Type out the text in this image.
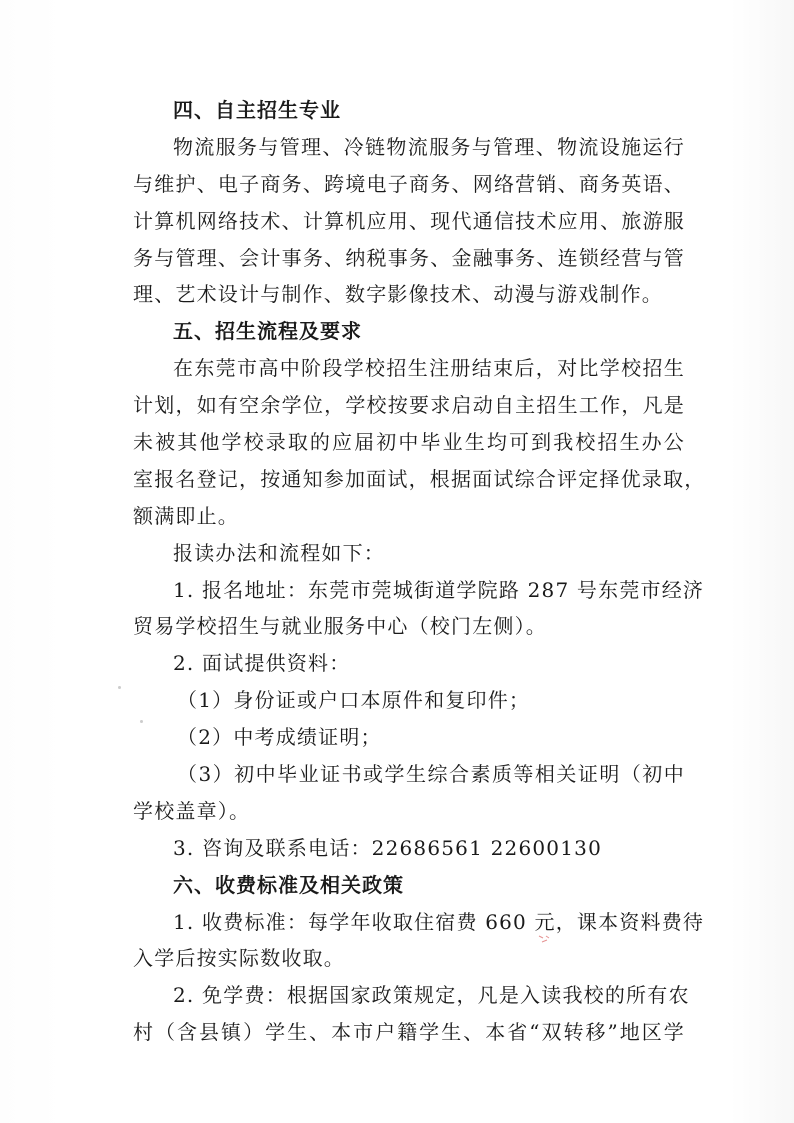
四、自主招生专业
物流服务与管理、冷链物流服务与管理、物流设施运行
与维护、电子商务、跨境电子商务、网络营销、商务英语、
计算机网络技术、计算机应用、现代通信技术应用、旅游服
务与管理、会计事务、纳税事务、金融事务、连锁经营与管
理、艺术设计与制作、数字影像技术、动漫与游戏制作。
五、招生流程及要求
在东莞市高中阶段学校招生注册结束后，对比学校招生
计划，如有空余学位，学校按要求启动自主招生工作，凡是
未被其他学校录取的应届初中毕业生均可到我校招生办公
室报名登记，按通知参加面试，根据面试综合评定择优录取，
额满即止。
报读办法和流程如下：
1. 报名地址：东莞市莞城街道学院路 287 号东莞市经济
贸易学校招生与就业服务中心（校门左侧）。
2. 面试提供资料：
（1）身份证或户口本原件和复印件；
（2）中考成绩证明；
（3）初中毕业证书或学生综合素质等相关证明（初中
学校盖章）。
3. 咨询及联系电话：22686561 22600130
六、收费标准及相关政策
1. 收费标准：每学年收取住宿费 660 元，课本资料费待
入学后按实际数收取。
2. 免学费：根据国家政策规定，凡是入读我校的所有农
村（含县镇）学生、本市户籍学生、本省“双转移”地区学
